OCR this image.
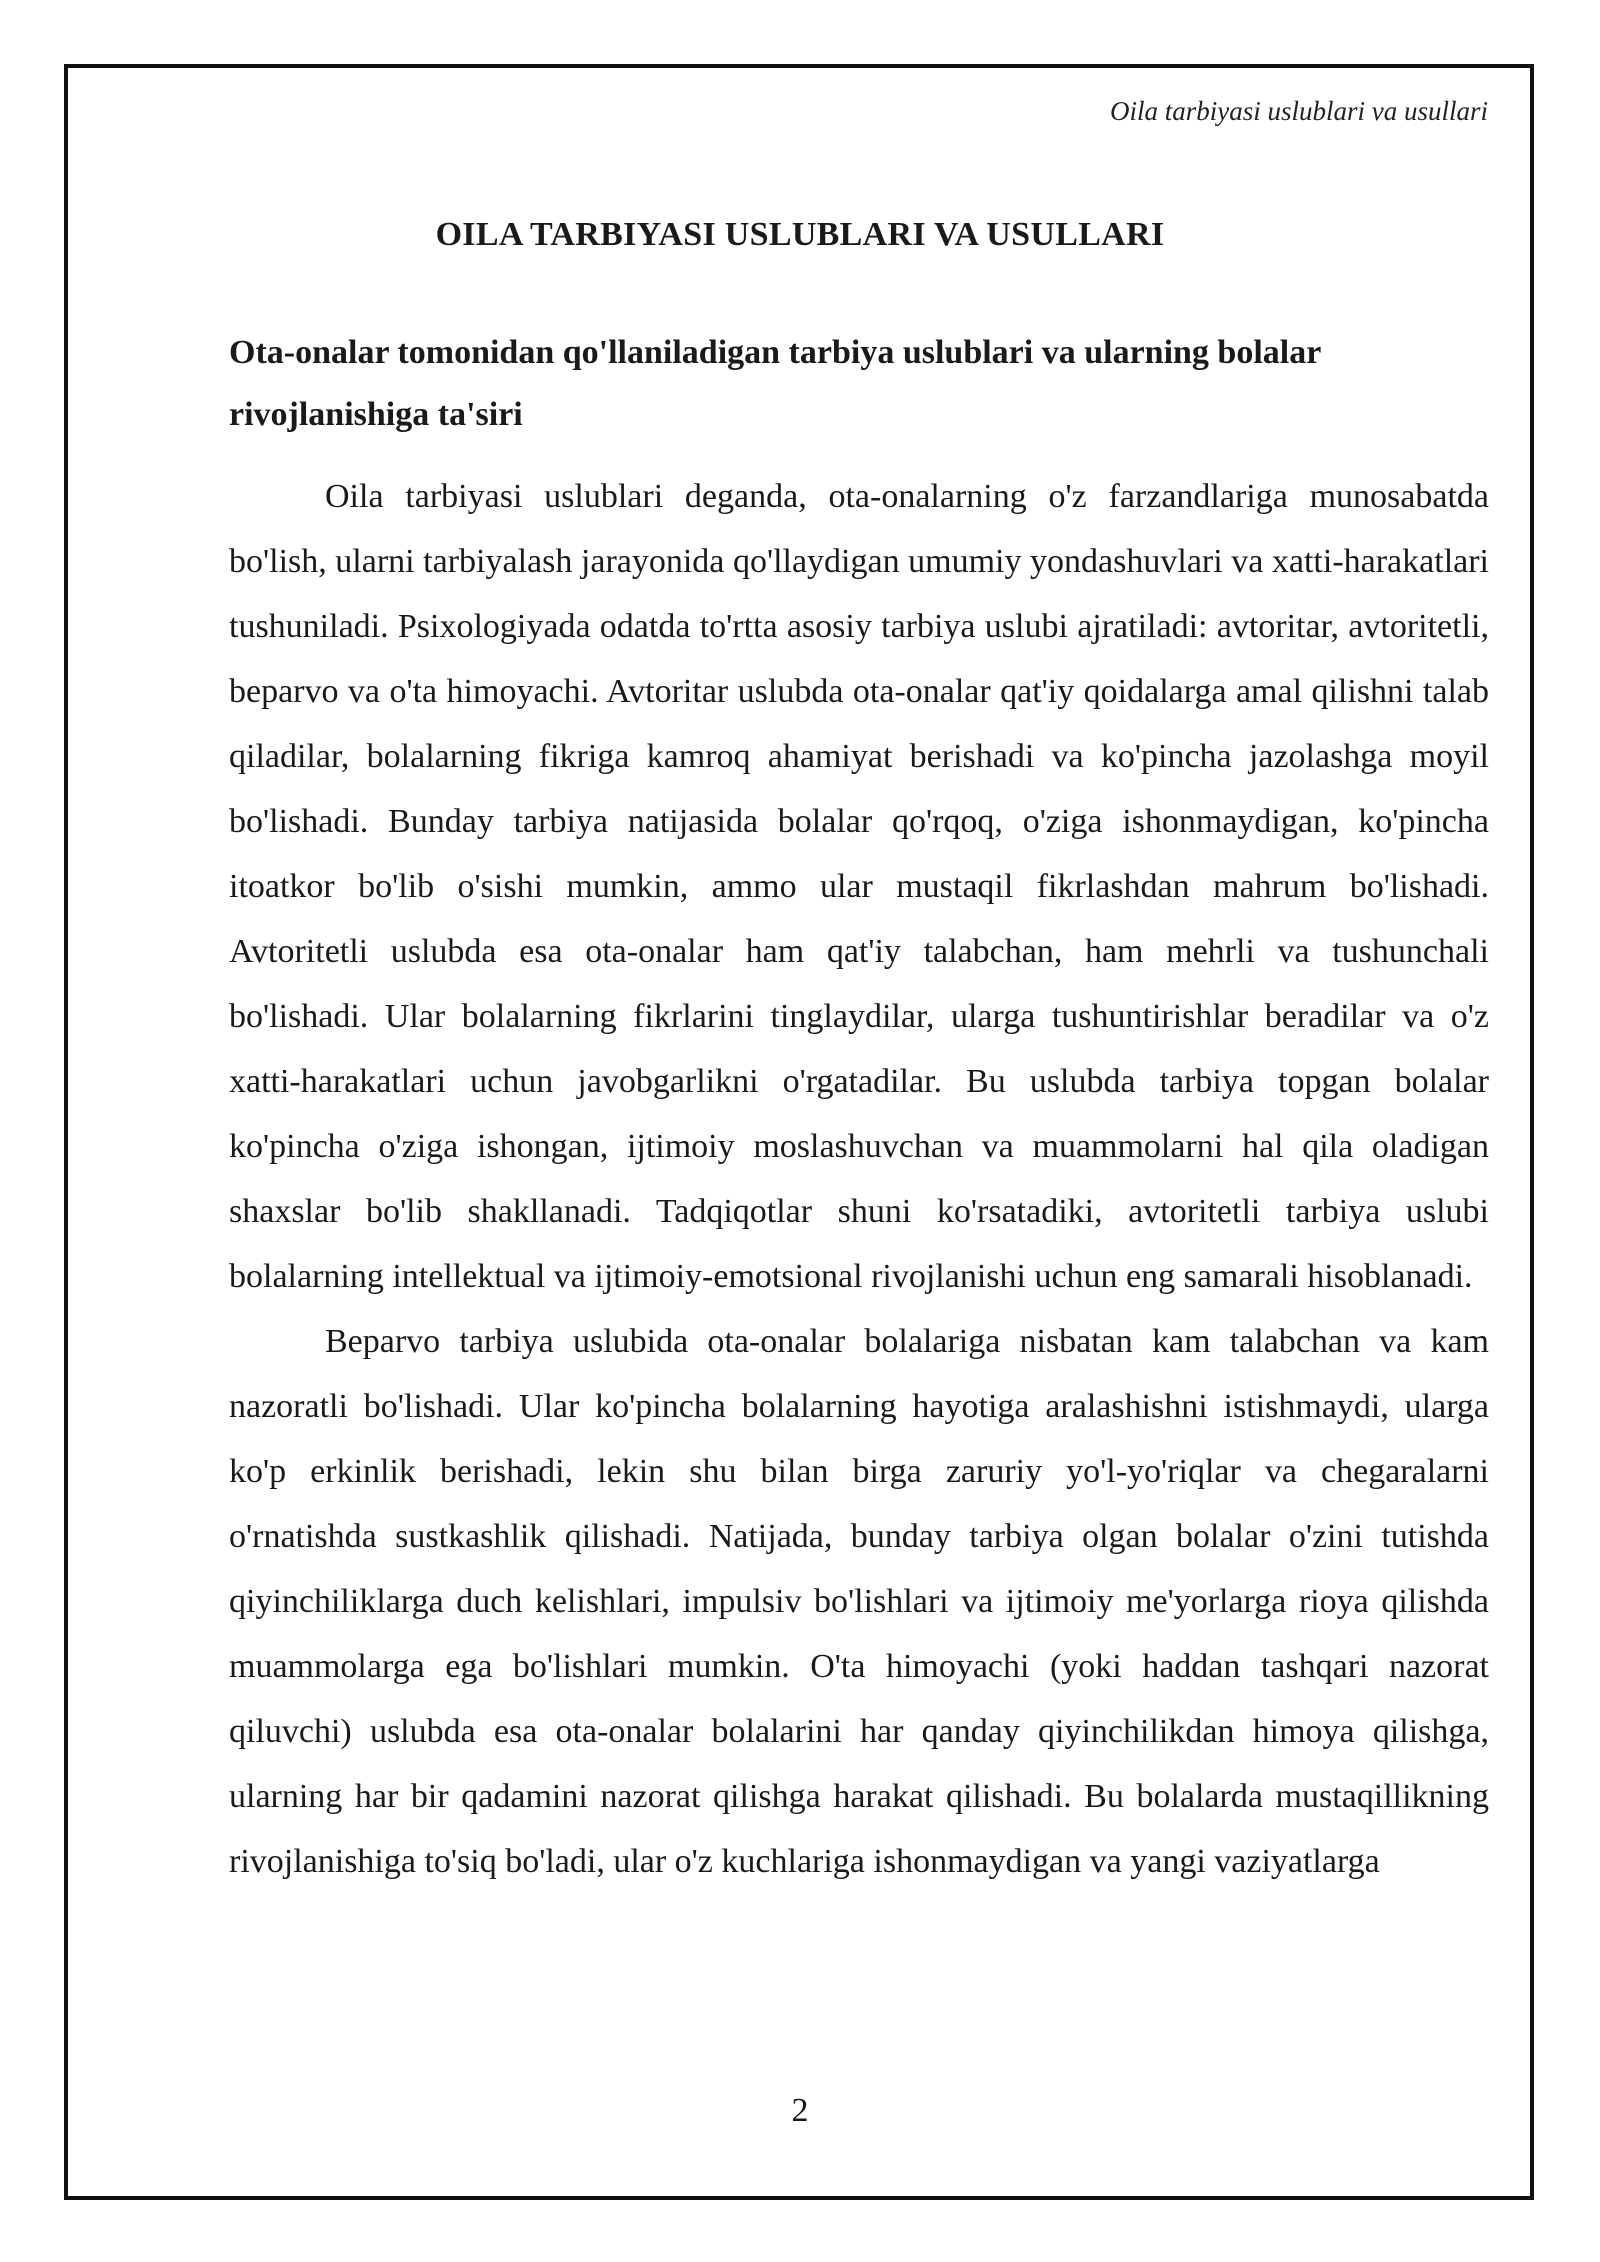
Oila tarbiyasi uslublari va usullari
OILA TARBIYASI USLUBLARI VA USULLARI
Ota-onalar tomonidan qo'llaniladigan tarbiya uslublari va ularning bolalar rivojlanishiga ta'siri

Oila tarbiyasi uslublari deganda, ota-onalarning o'z farzandlariga munosabatda bo'lish, ularni tarbiyalash jarayonida qo'llaydigan umumiy yondashuvlari va xatti-harakatlari tushuniladi. Psixologiyada odatda to'rtta asosiy tarbiya uslubi ajratiladi: avtoritar, avtoritetli, beparvo va o'ta himoyachi. Avtoritar uslubda ota-onalar qat'iy qoidalarga amal qilishni talab qiladilar, bolalarning fikriga kamroq ahamiyat berishadi va ko'pincha jazolashga moyil bo'lishadi. Bunday tarbiya natijasida bolalar qo'rqoq, o'ziga ishonmaydigan, ko'pincha itoatkor bo'lib o'sishi mumkin, ammo ular mustaqil fikrlashdan mahrum bo'lishadi. Avtoritetli uslubda esa ota-onalar ham qat'iy talabchan, ham mehrli va tushunchali bo'lishadi. Ular bolalarning fikrlarini tinglaydilar, ularga tushuntirishlar beradilar va o'z xatti-harakatlari uchun javobgarlikni o'rgatadilar. Bu uslubda tarbiya topgan bolalar ko'pincha o'ziga ishongan, ijtimoiy moslashuvchan va muammolarni hal qila oladigan shaxslar bo'lib shakllanadi. Tadqiqotlar shuni ko'rsatadiki, avtoritetli tarbiya uslubi bolalarning intellektual va ijtimoiy-emotsional rivojlanishi uchun eng samarali hisoblanadi.

Beparvo tarbiya uslubida ota-onalar bolalariga nisbatan kam talabchan va kam nazoratli bo'lishadi. Ular ko'pincha bolalarning hayotiga aralashishni istishmaydi, ularga ko'p erkinlik berishadi, lekin shu bilan birga zaruriy yo'l-yo'riqlar va chegaralarni o'rnatishda sustkashlik qilishadi. Natijada, bunday tarbiya olgan bolalar o'zini tutishda qiyinchiliklarga duch kelishlari, impulsiv bo'lishlari va ijtimoiy me'yorlarga rioya qilishda muammolarga ega bo'lishlari mumkin. O'ta himoyachi (yoki haddan tashqari nazorat qiluvchi) uslubda esa ota-onalar bolalarini har qanday qiyinchilikdan himoya qilishga, ularning har bir qadamini nazorat qilishga harakat qilishadi. Bu bolalarda mustaqillikning rivojlanishiga to'siq bo'ladi, ular o'z kuchlariga ishonmaydigan va yangi vaziyatlarga

2
